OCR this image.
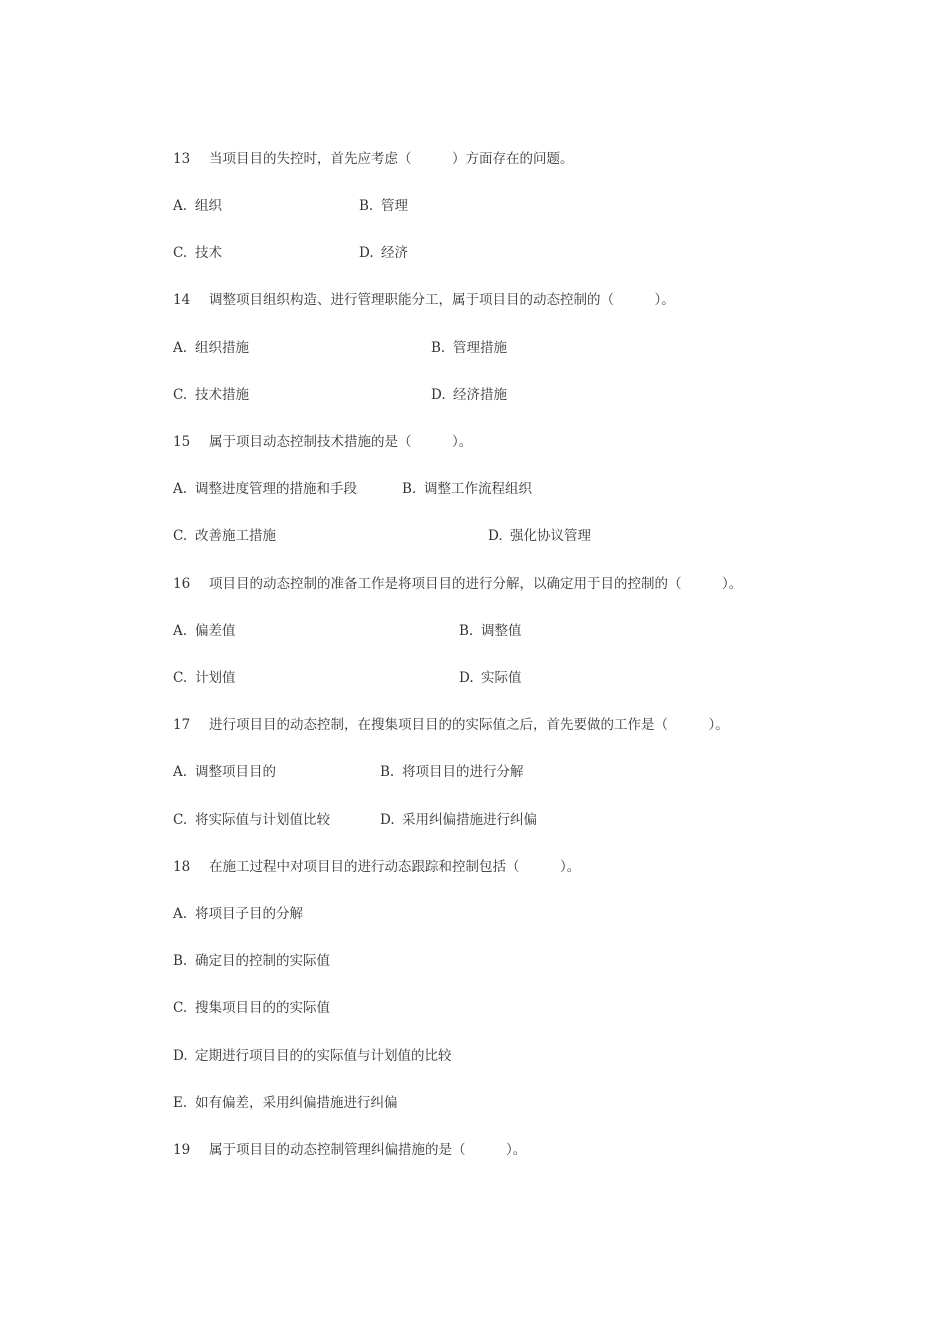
13 当项目目的失控时，首先应考虑（　　　）方面存在的问题。
A. 组织	B. 管理
C. 技术	D. 经济
14 调整项目组织构造、进行管理职能分工，属于项目目的动态控制的（　　　）。
A. 组织措施	B. 管理措施
C. 技术措施	D. 经济措施
15 属于项目动态控制技术措施的是（　　　）。
A. 调整进度管理的措施和手段	B. 调整工作流程组织
C. 改善施工措施	D. 强化协议管理
16 项目目的动态控制的准备工作是将项目目的进行分解，以确定用于目的控制的（　　　）。
A. 偏差值	B. 调整值
C. 计划值	D. 实际值
17 进行项目目的动态控制，在搜集项目目的的实际值之后，首先要做的工作是（　　　）。
A. 调整项目目的	B. 将项目目的进行分解
C. 将实际值与计划值比较	D. 采用纠偏措施进行纠偏
18 在施工过程中对项目目的进行动态跟踪和控制包括（　　　）。
A. 将项目子目的分解
B. 确定目的控制的实际值
C. 搜集项目目的的实际值
D. 定期进行项目目的的实际值与计划值的比较
E. 如有偏差，采用纠偏措施进行纠偏
19 属于项目目的动态控制管理纠偏措施的是（　　　）。
